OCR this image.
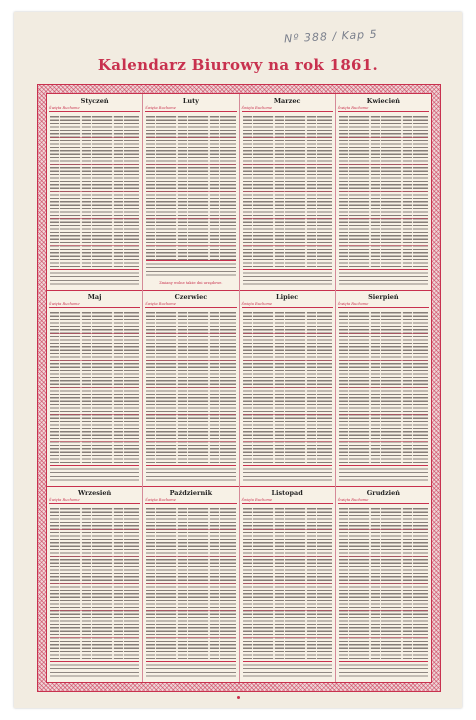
Nº 388 / Kap 5
Kalendarz Biurowy na rok 1861.
Styczeń
Święta Ruchome
Luty
Święta Ruchome
Zmiany wolne także dni urzędowe.
Marzec
Święta Ruchome
Kwiecień
Święta Ruchome
Maj
Święta Ruchome
Czerwiec
Święta Ruchome
Lipiec
Święta Ruchome
Sierpień
Święta Ruchome
Wrzesień
Święta Ruchome
Październik
Święta Ruchome
Listopad
Święta Ruchome
Grudzień
Święta Ruchome
